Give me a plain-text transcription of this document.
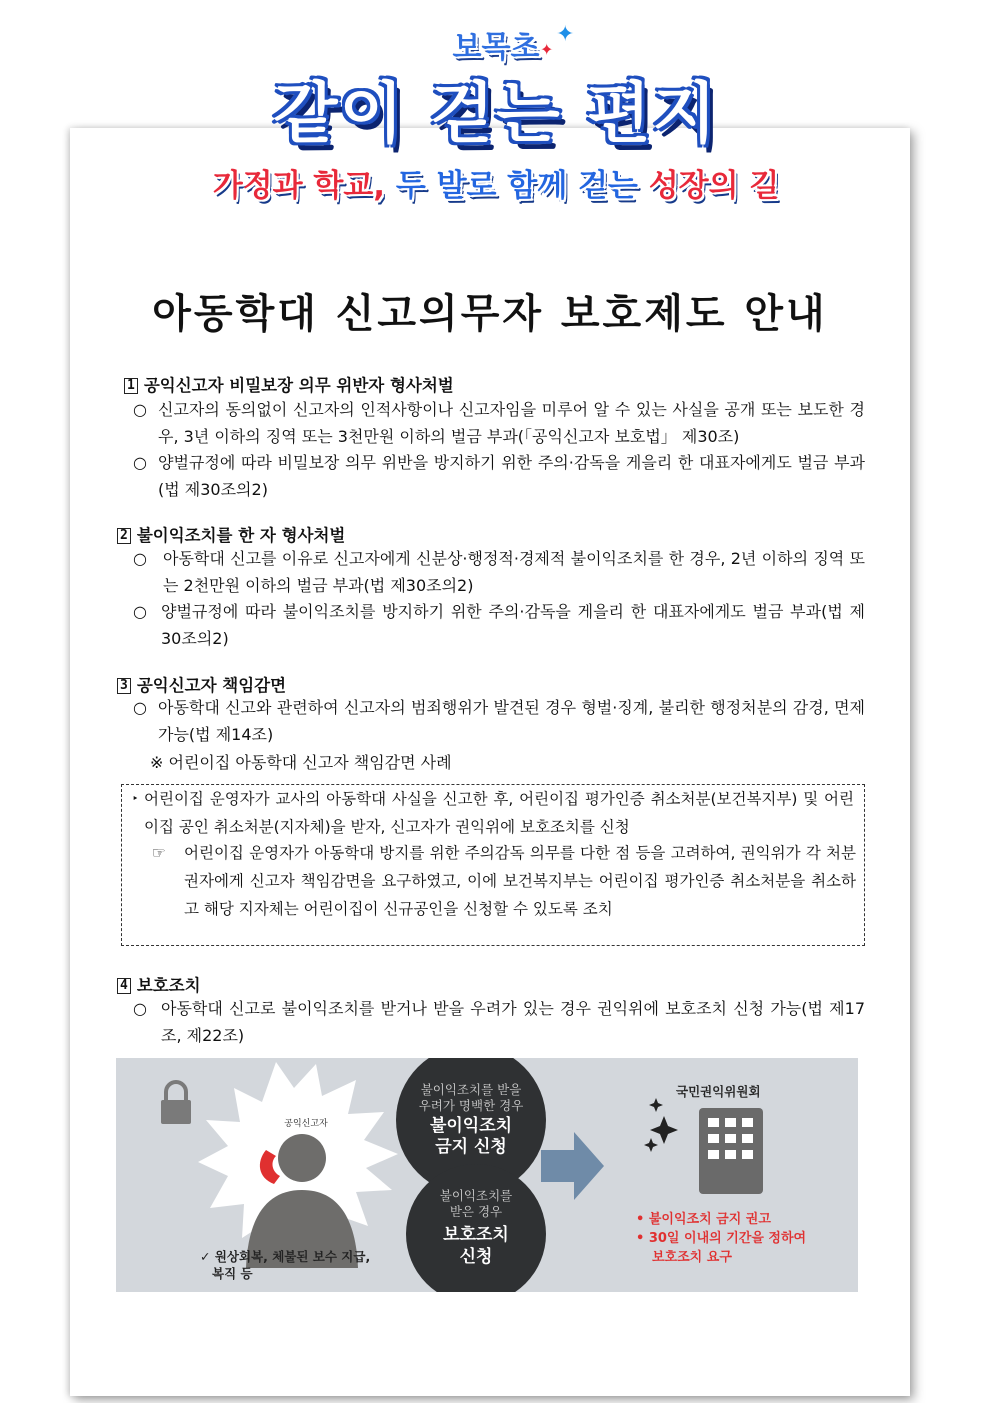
보목초 ✦
✦
같이 걷는 편지
가정과 학교, 두 발로 함께 걷는 성장의 길
아동학대 신고의무자 보호제도 안내
1 공익신고자 비밀보장 의무 위반자 형사처벌
○ 신고자의 동의없이 신고자의 인적사항이나 신고자임을 미루어 알 수 있는 사실을 공개 또는 보도한 경우, 3년 이하의 징역 또는 3천만원 이하의 벌금 부과(「공익신고자 보호법」 제30조)
○ 양벌규정에 따라 비밀보장 의무 위반을 방지하기 위한 주의·감독을 게을리 한 대표자에게도 벌금 부과(법 제30조의2)
2 불이익조치를 한 자 형사처벌
○	아동학대 신고를 이유로 신고자에게 신분상·행정적·경제적 불이익조치를 한 경우, 2년 이하의 징역 또는 2천만원 이하의 벌금 부과(법 제30조의2)
○ 양벌규정에 따라 불이익조치를 방지하기 위한 주의·감독을 게을리 한 대표자에게도 벌금 부과(법 제30조의2)
3 공익신고자 책임감면
○ 아동학대 신고와 관련하여 신고자의 범죄행위가 발견된 경우 형벌·징계, 불리한 행정처분의 감경, 면제 가능(법 제14조)
※ 어린이집 아동학대 신고자 책임감면 사례
‣ 어린이집 운영자가 교사의 아동학대 사실을 신고한 후, 어린이집 평가인증 취소처분(보건복지부) 및 어린이집 공인 취소처분(지자체)을 받자, 신고자가 권익위에 보호조치를 신청
☞	어린이집 운영자가 아동학대 방지를 위한 주의감독 의무를 다한 점 등을 고려하여, 권익위가 각 처분권자에게 신고자 책임감면을 요구하였고, 이에 보건복지부는 어린이집 평가인증 취소처분을 취소하고 해당 지자체는 어린이집이 신규공인을 신청할 수 있도록 조치
4 보호조치
○ 아동학대 신고로 불이익조치를 받거나 받을 우려가 있는 경우 권익위에 보호조치 신청 가능(법 제17조, 제22조)
공익신고자
✓ 원상회복, 체불된 보수 지급,
복직 등
불이익조치를 받을
우려가 명백한 경우
불이익조치
금지 신청
불이익조치를
받은 경우
보호조치
신청
국민권익위원회
• 불이익조치 금지 권고
• 30일 이내의 기간을 정하여
보호조치 요구
